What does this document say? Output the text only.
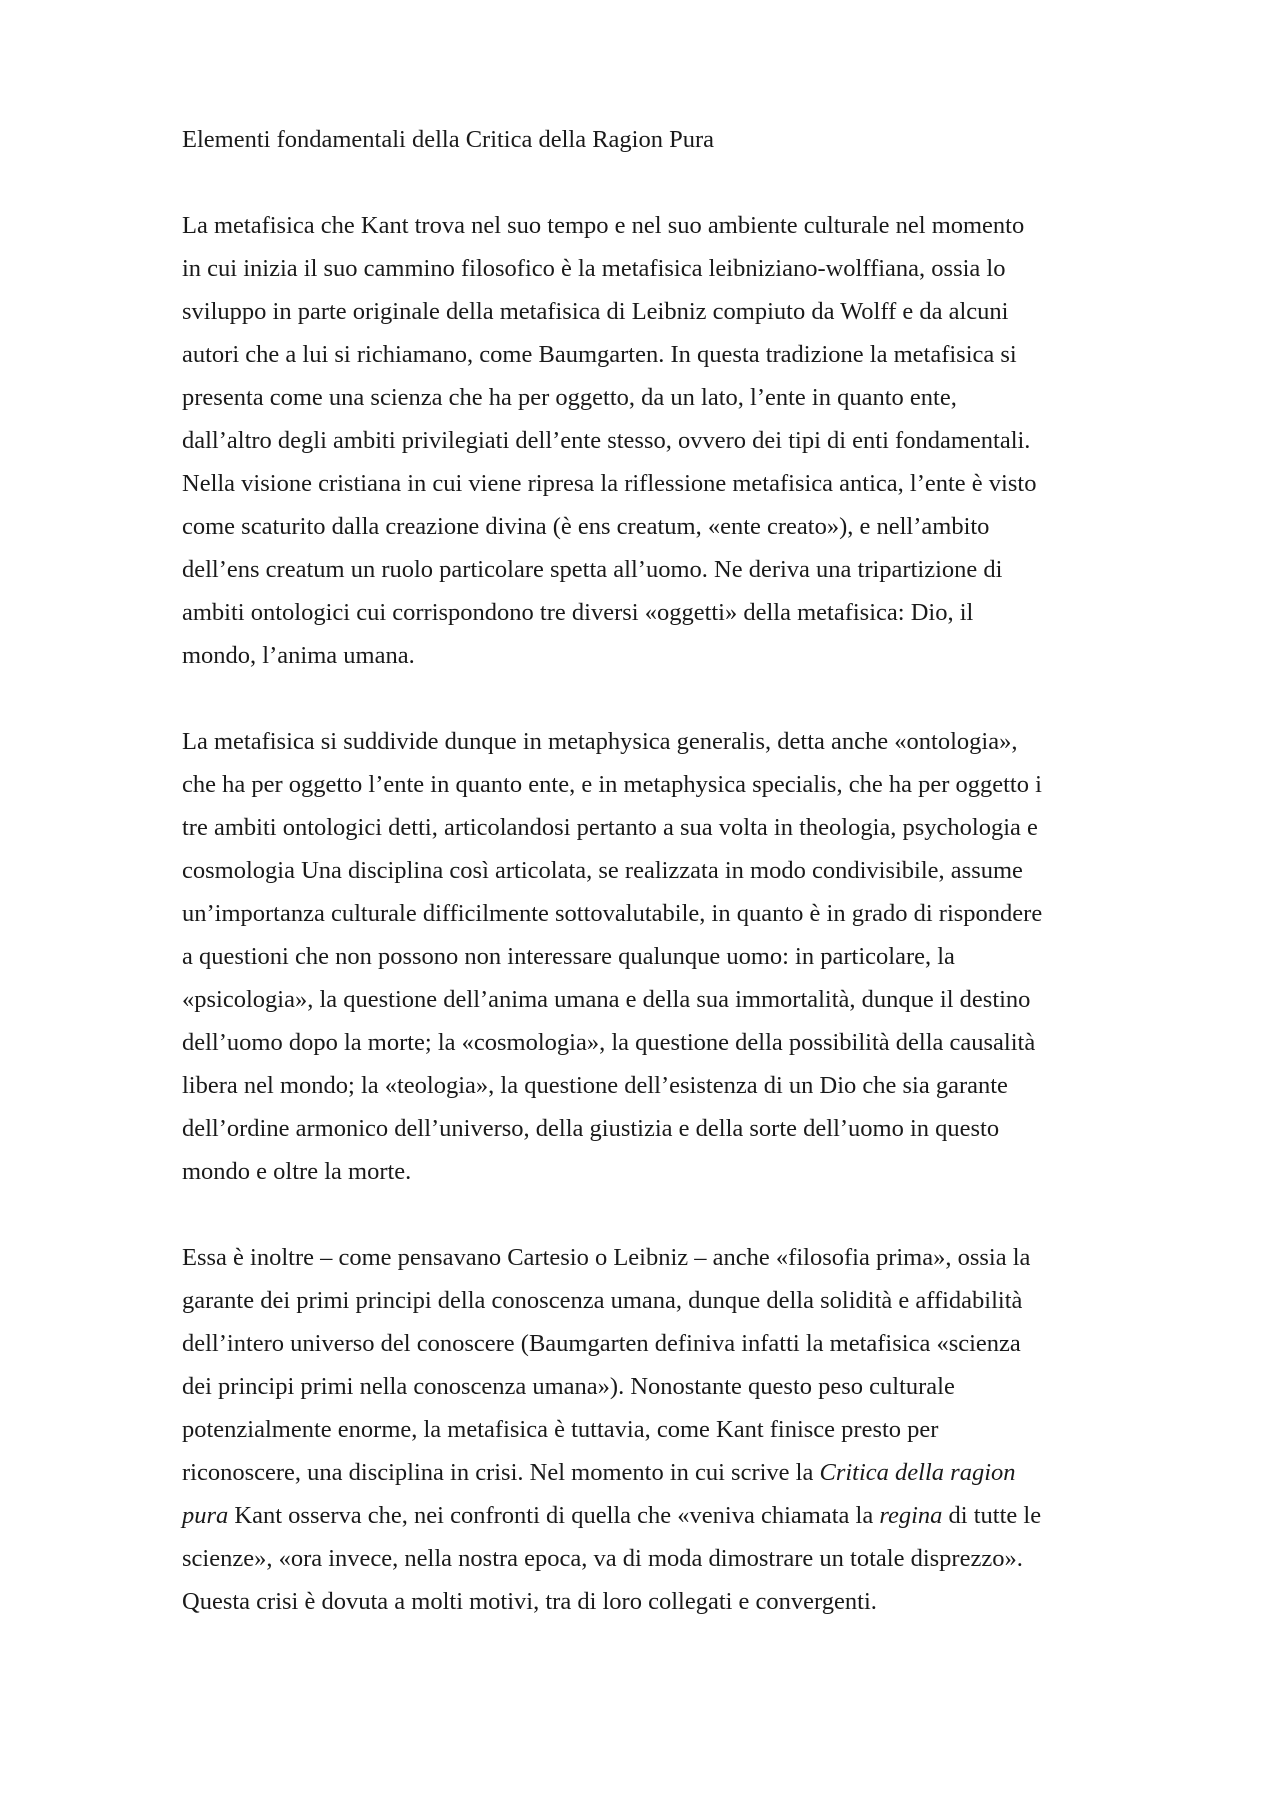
Elementi fondamentali della Critica della Ragion Pura
La metafisica che Kant trova nel suo tempo e nel suo ambiente culturale nel momento
in cui inizia il suo cammino filosofico è la metafisica leibniziano-wolffiana, ossia lo
sviluppo in parte originale della metafisica di Leibniz compiuto da Wolff e da alcuni
autori che a lui si richiamano, come Baumgarten. In questa tradizione la metafisica si
presenta come una scienza che ha per oggetto, da un lato, l’ente in quanto ente,
dall’altro degli ambiti privilegiati dell’ente stesso, ovvero dei tipi di enti fondamentali.
Nella visione cristiana in cui viene ripresa la riflessione metafisica antica, l’ente è visto
come scaturito dalla creazione divina (è ens creatum, «ente creato»), e nell’ambito
dell’ens creatum un ruolo particolare spetta all’uomo. Ne deriva una tripartizione di
ambiti ontologici cui corrispondono tre diversi «oggetti» della metafisica: Dio, il
mondo, l’anima umana.
La metafisica si suddivide dunque in metaphysica generalis, detta anche «ontologia»,
che ha per oggetto l’ente in quanto ente, e in metaphysica specialis, che ha per oggetto i
tre ambiti ontologici detti, articolandosi pertanto a sua volta in theologia, psychologia e
cosmologia Una disciplina così articolata, se realizzata in modo condivisibile, assume
un’importanza culturale difficilmente sottovalutabile, in quanto è in grado di rispondere
a questioni che non possono non interessare qualunque uomo: in particolare, la
«psicologia», la questione dell’anima umana e della sua immortalità, dunque il destino
dell’uomo dopo la morte; la «cosmologia», la questione della possibilità della causalità
libera nel mondo; la «teologia», la questione dell’esistenza di un Dio che sia garante
dell’ordine armonico dell’universo, della giustizia e della sorte dell’uomo in questo
mondo e oltre la morte.
Essa è inoltre – come pensavano Cartesio o Leibniz – anche «filosofia prima», ossia la
garante dei primi principi della conoscenza umana, dunque della solidità e affidabilità
dell’intero universo del conoscere (Baumgarten definiva infatti la metafisica «scienza
dei principi primi nella conoscenza umana»). Nonostante questo peso culturale
potenzialmente enorme, la metafisica è tuttavia, come Kant finisce presto per
riconoscere, una disciplina in crisi. Nel momento in cui scrive la Critica della ragion
pura Kant osserva che, nei confronti di quella che «veniva chiamata la regina di tutte le
scienze», «ora invece, nella nostra epoca, va di moda dimostrare un totale disprezzo».
Questa crisi è dovuta a molti motivi, tra di loro collegati e convergenti.
